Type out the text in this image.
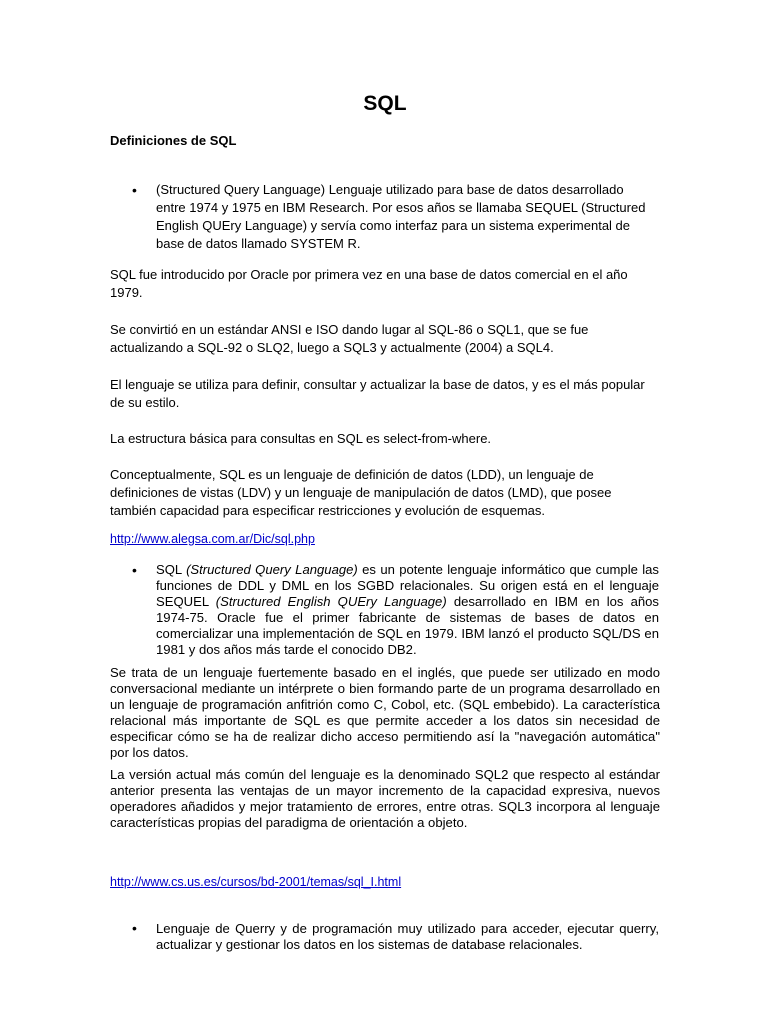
SQL

Definiciones de SQL

• (Structured Query Language) Lenguaje utilizado para base de datos desarrollado entre 1974 y 1975 en IBM Research. Por esos años se llamaba SEQUEL (Structured English QUEry Language) y servía como interfaz para un sistema experimental de base de datos llamado SYSTEM R.

SQL fue introducido por Oracle por primera vez en una base de datos comercial en el año 1979.

Se convirtió en un estándar ANSI e ISO dando lugar al SQL-86 o SQL1, que se fue actualizando a SQL-92 o SLQ2, luego a SQL3 y actualmente (2004) a SQL4.

El lenguaje se utiliza para definir, consultar y actualizar la base de datos, y es el más popular de su estilo.

La estructura básica para consultas en SQL es select-from-where.

Conceptualmente, SQL es un lenguaje de definición de datos (LDD), un lenguaje de definiciones de vistas (LDV) y un lenguaje de manipulación de datos (LMD), que posee también capacidad para especificar restricciones y evolución de esquemas.

http://www.alegsa.com.ar/Dic/sql.php
• SQL (Structured Query Language) es un potente lenguaje informático que cumple las funciones de DDL y DML en los SGBD relacionales. Su origen está en el lenguaje SEQUEL (Structured English QUEry Language) desarrollado en IBM en los años 1974-75. Oracle fue el primer fabricante de sistemas de bases de datos en comercializar una implementación de SQL en 1979. IBM lanzó el producto SQL/DS en 1981 y dos años más tarde el conocido DB2.

Se trata de un lenguaje fuertemente basado en el inglés, que puede ser utilizado en modo conversacional mediante un intérprete o bien formando parte de un programa desarrollado en un lenguaje de programación anfitrión como C, Cobol, etc. (SQL embebido). La característica relacional más importante de SQL es que permite acceder a los datos sin necesidad de especificar cómo se ha de realizar dicho acceso permitiendo así la "navegación automática" por los datos.

La versión actual más común del lenguaje es la denominado SQL2 que respecto al estándar anterior presenta las ventajas de un mayor incremento de la capacidad expresiva, nuevos operadores añadidos y mejor tratamiento de errores, entre otras. SQL3 incorpora al lenguaje características propias del paradigma de orientación a objeto.

http://www.cs.us.es/cursos/bd-2001/temas/sql_I.html
• Lenguaje de Querry y de programación muy utilizado para acceder, ejecutar querry, actualizar y gestionar los datos en los sistemas de database relacionales.
